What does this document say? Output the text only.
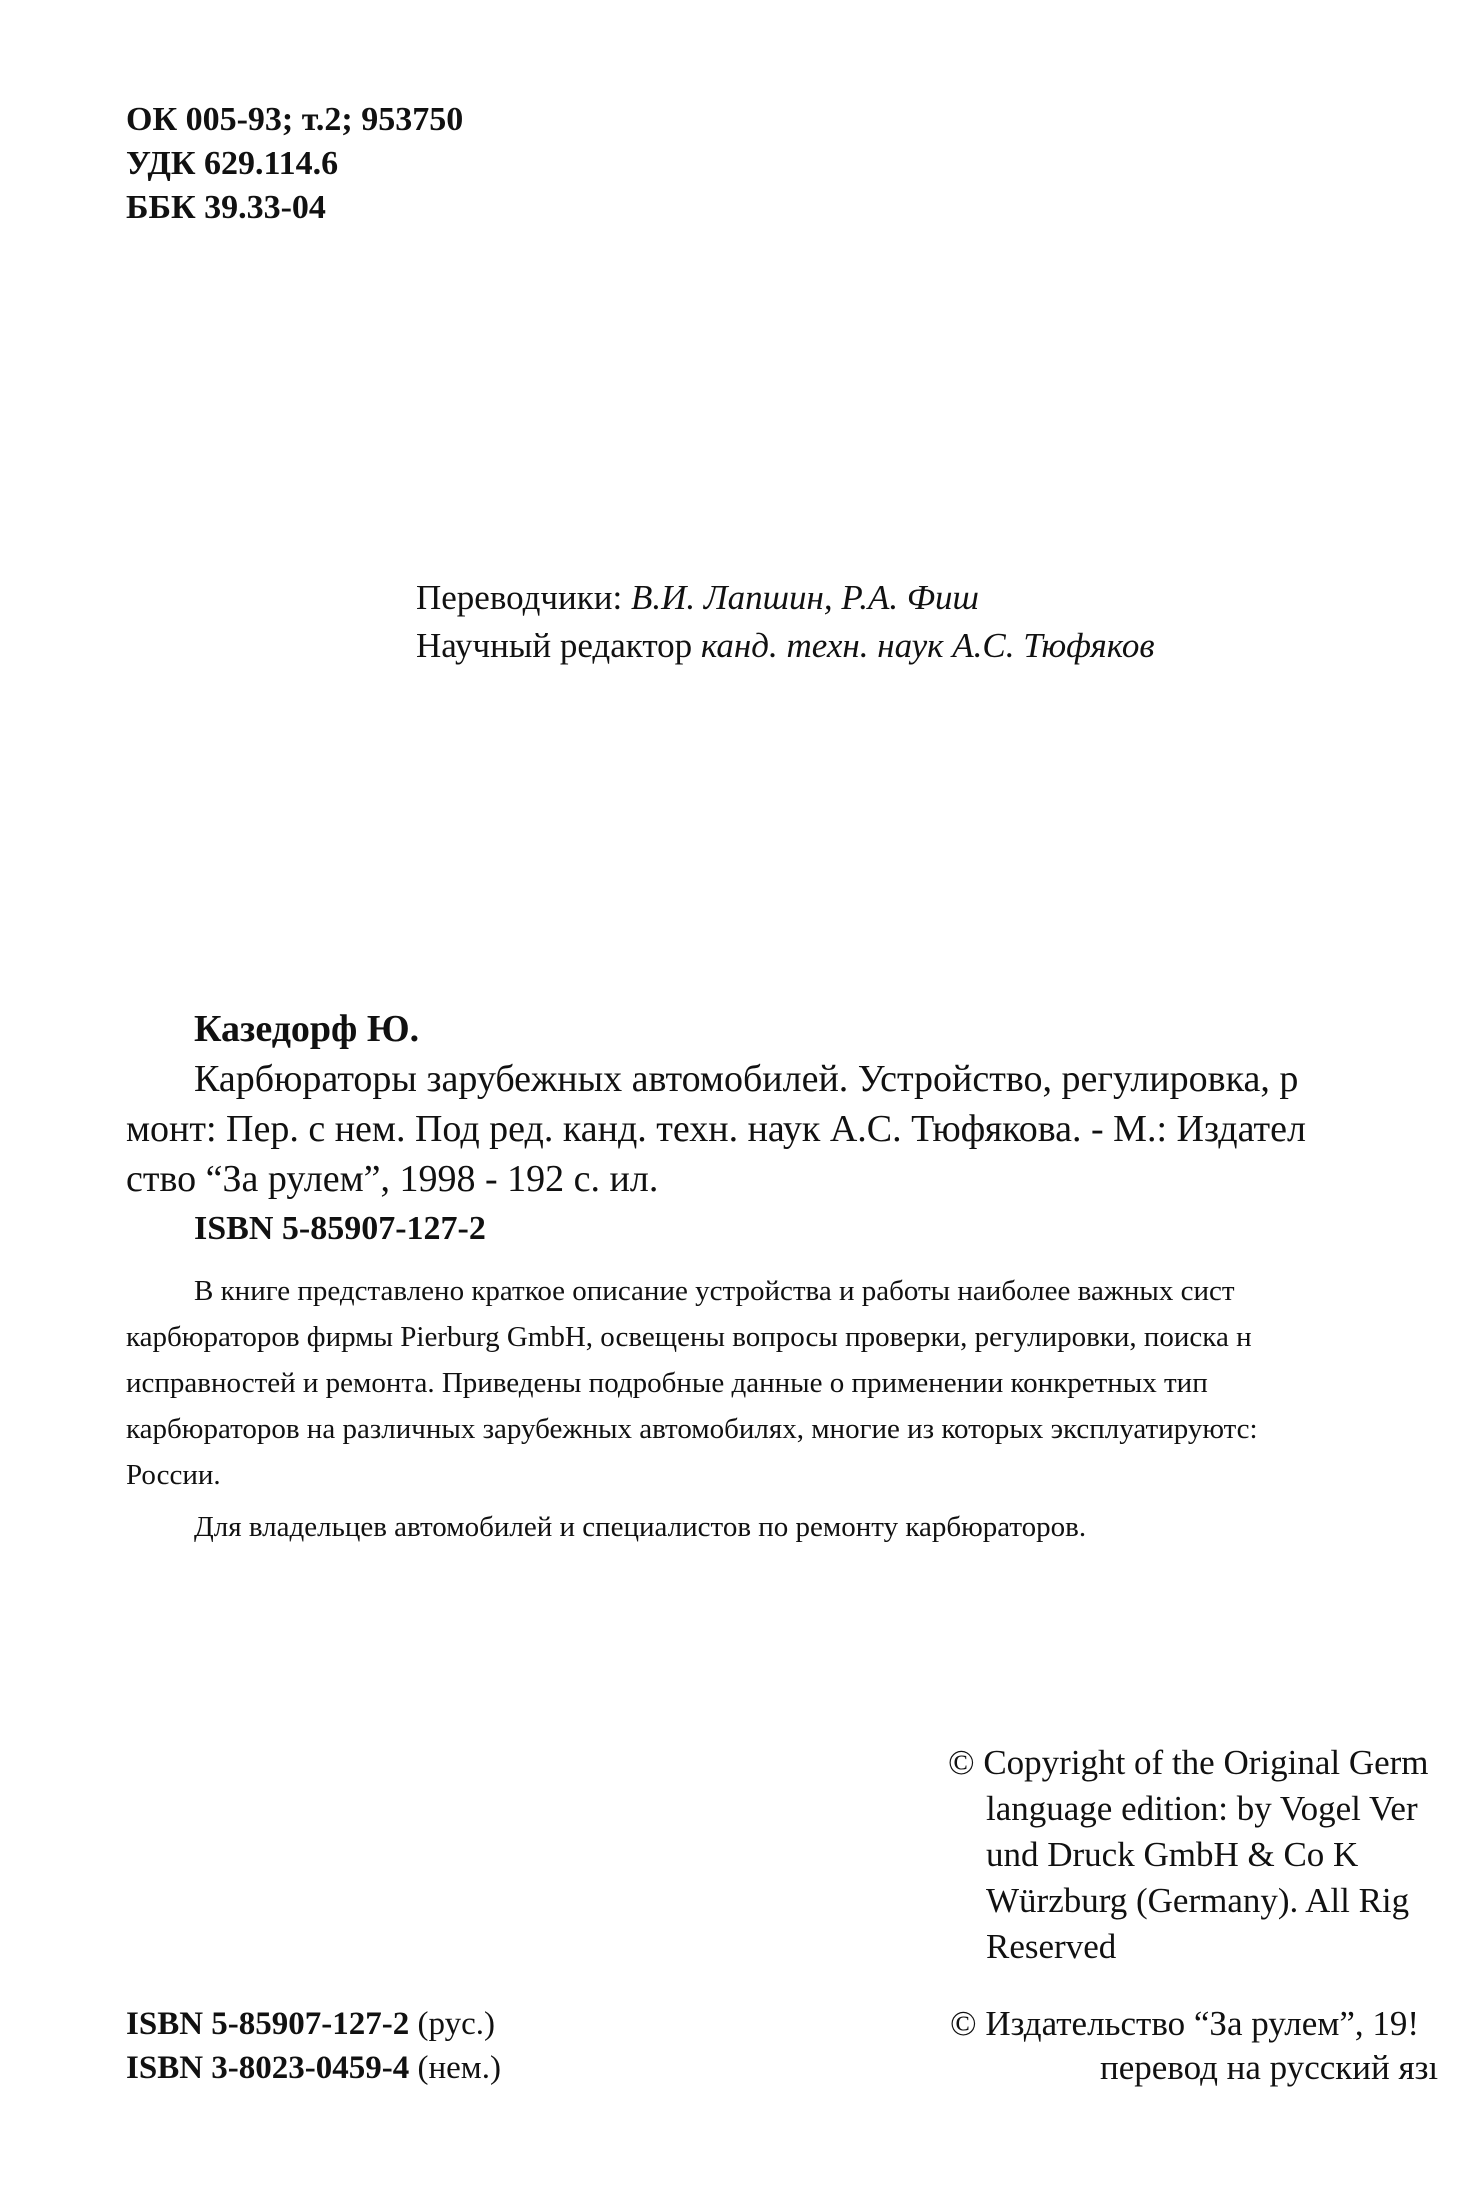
ОК 005-93; т.2; 953750
УДК 629.114.6
ББК 39.33-04
Переводчики: В.И. Лапшин, Р.А. Фиш
Научный редактор канд. техн. наук А.С. Тюфяков
Казедорф Ю.
Карбюраторы зарубежных автомобилей. Устройство, регулировка, р
монт: Пер. с нем. Под ред. канд. техн. наук А.С. Тюфякова. - М.: Издател
ство “За рулем”, 1998 - 192 с. ил.
ISBN 5-85907-127-2
В книге представлено краткое описание устройства и работы наиболее важных сист
карбюраторов фирмы Pierburg GmbH, освещены вопросы проверки, регулировки, поиска н
исправностей и ремонта. Приведены подробные данные о применении конкретных тип
карбюраторов на различных зарубежных автомобилях, многие из которых эксплуатируютс:
России.
Для владельцев автомобилей и специалистов по ремонту карбюраторов.
© Copyright of the Original Germ
language edition: by Vogel Ver
und Druck GmbH & Co K
Würzburg (Germany). All Rig
Reserved
ISBN 5-85907-127-2 (рус.)
ISBN 3-8023-0459-4 (нем.)
© Издательство “За рулем”, 19!
перевод на русский язı
